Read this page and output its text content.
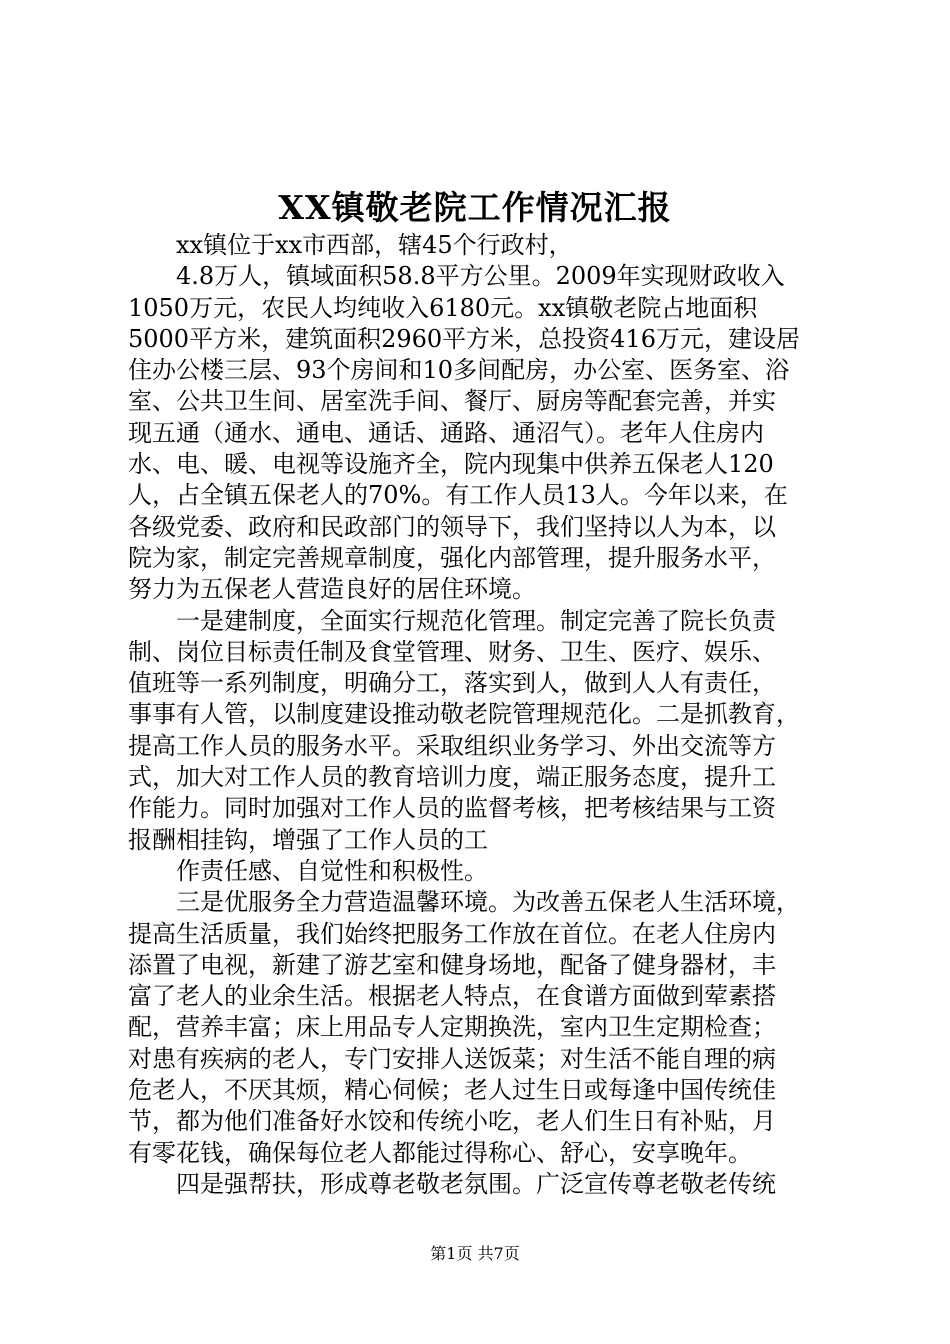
XX镇敬老院工作情况汇报
xx镇位于xx市西部，辖45个行政村，
4.8万人，镇域面积58.8平方公里。2009年实现财政收入
1050万元，农民人均纯收入6180元。xx镇敬老院占地面积
5000平方米，建筑面积2960平方米，总投资416万元，建设居
住办公楼三层、93个房间和10多间配房，办公室、医务室、浴
室、公共卫生间、居室洗手间、餐厅、厨房等配套完善，并实
现五通（通水、通电、通话、通路、通沼气）。老年人住房内
水、电、暖、电视等设施齐全，院内现集中供养五保老人120
人，占全镇五保老人的70%。有工作人员13人。今年以来，在
各级党委、政府和民政部门的领导下，我们坚持以人为本，以
院为家，制定完善规章制度，强化内部管理，提升服务水平，
努力为五保老人营造良好的居住环境。
一是建制度，全面实行规范化管理。制定完善了院长负责
制、岗位目标责任制及食堂管理、财务、卫生、医疗、娱乐、
值班等一系列制度，明确分工，落实到人，做到人人有责任，
事事有人管，以制度建设推动敬老院管理规范化。二是抓教育，
提高工作人员的服务水平。采取组织业务学习、外出交流等方
式，加大对工作人员的教育培训力度，端正服务态度，提升工
作能力。同时加强对工作人员的监督考核，把考核结果与工资
报酬相挂钩，增强了工作人员的工
作责任感、自觉性和积极性。
三是优服务全力营造温馨环境。为改善五保老人生活环境，
提高生活质量，我们始终把服务工作放在首位。在老人住房内
添置了电视，新建了游艺室和健身场地，配备了健身器材，丰
富了老人的业余生活。根据老人特点，在食谱方面做到荤素搭
配，营养丰富；床上用品专人定期换洗，室内卫生定期检查；
对患有疾病的老人，专门安排人送饭菜；对生活不能自理的病
危老人，不厌其烦，精心伺候；老人过生日或每逢中国传统佳
节，都为他们准备好水饺和传统小吃，老人们生日有补贴，月
有零花钱，确保每位老人都能过得称心、舒心，安享晚年。
四是强帮扶，形成尊老敬老氛围。广泛宣传尊老敬老传统
第1页 共7页
